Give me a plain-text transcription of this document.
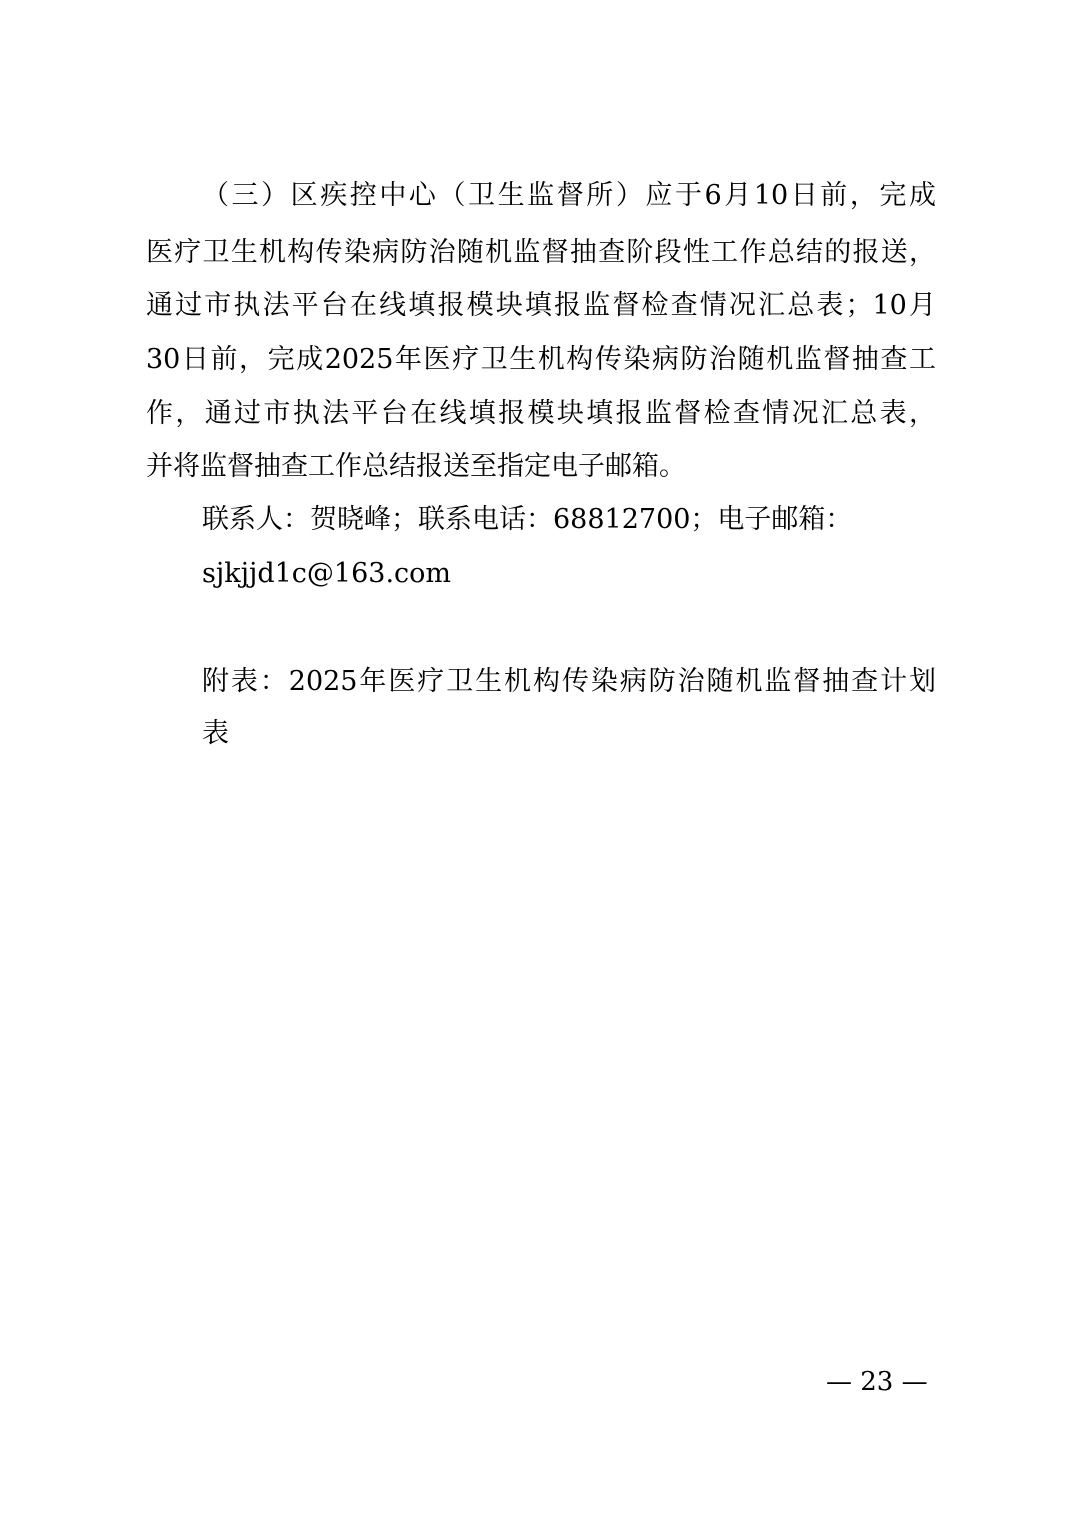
（三）区疾控中心（卫生监督所）应于6月10日前，完成
医疗卫生机构传染病防治随机监督抽查阶段性工作总结的报送，
通过市执法平台在线填报模块填报监督检查情况汇总表；10月
30日前，完成2025年医疗卫生机构传染病防治随机监督抽查工
作，通过市执法平台在线填报模块填报监督检查情况汇总表，
并将监督抽查工作总结报送至指定电子邮箱。
联系人：贺晓峰；联系电话：68812700；电子邮箱：
sjkjjd1c@163.com
附表：2025年医疗卫生机构传染病防治随机监督抽查计划
表
— 23 —
